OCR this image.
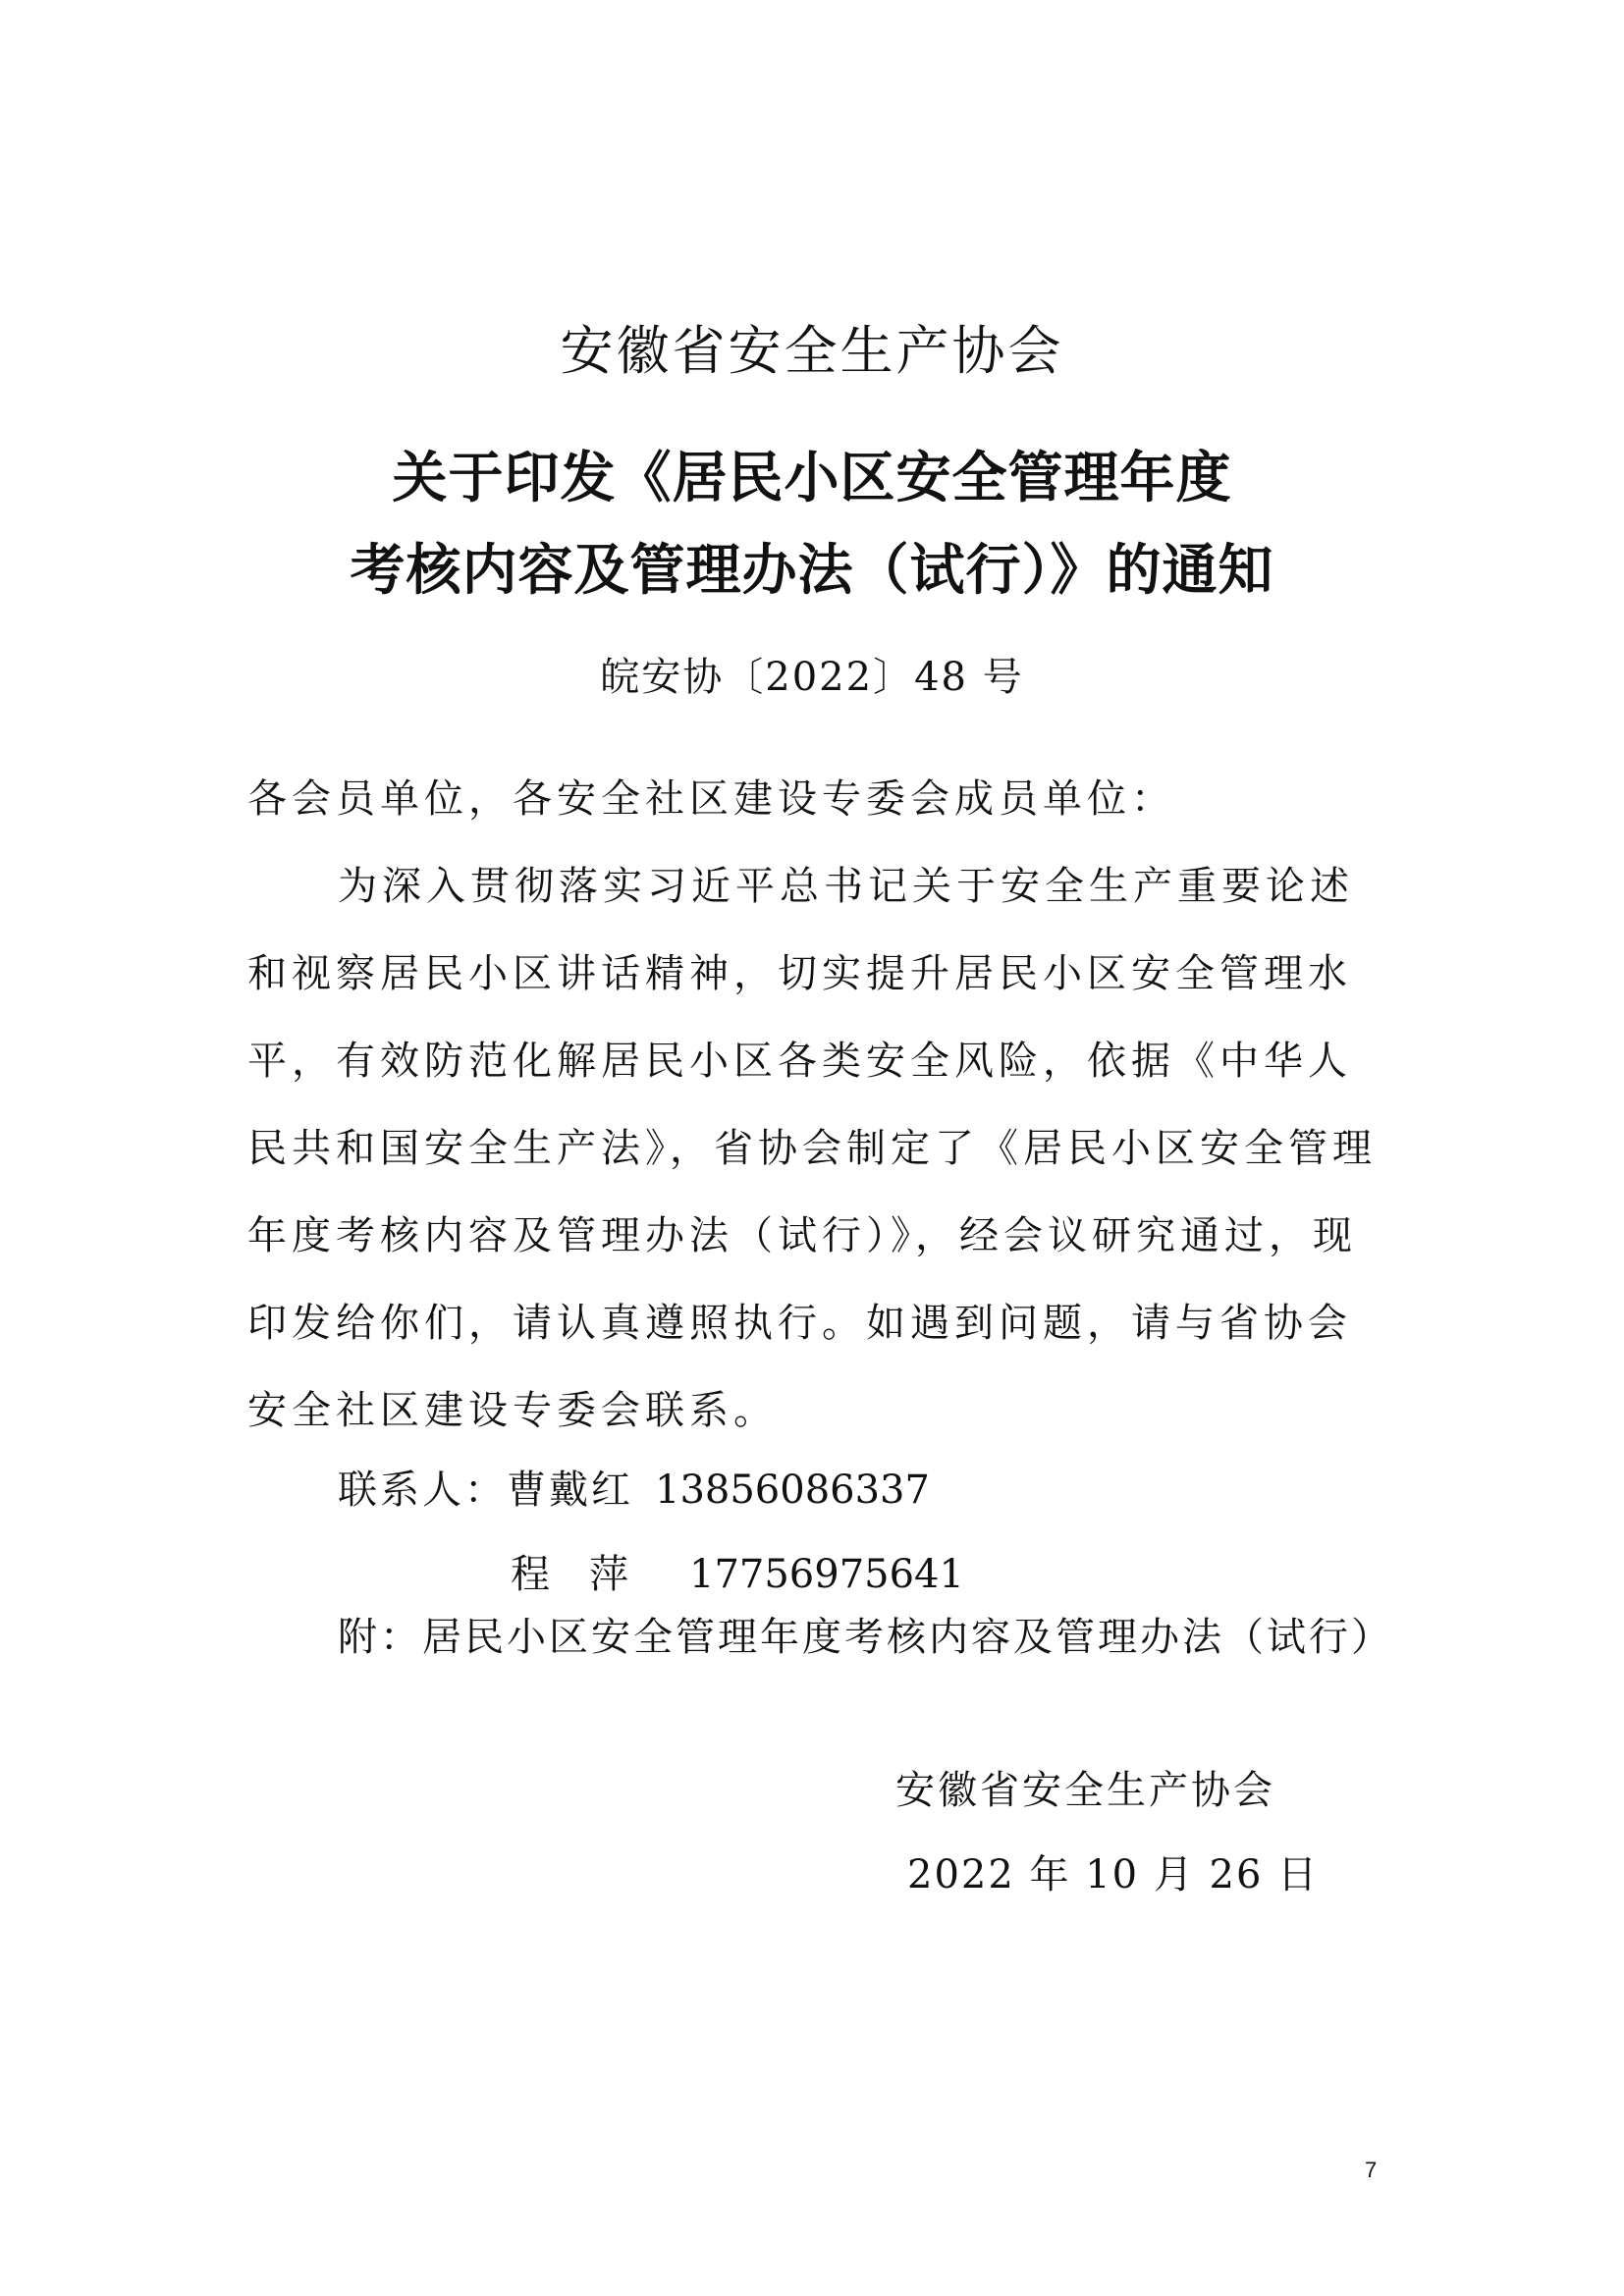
安徽省安全生产协会
关于印发《居民小区安全管理年度
考核内容及管理办法（试行）》的通知
皖安协〔2022〕48 号
各会员单位，各安全社区建设专委会成员单位：
为深入贯彻落实习近平总书记关于安全生产重要论述和视察居民小区讲话精神，切实提升居民小区安全管理水平，有效防范化解居民小区各类安全风险，依据《中华人民共和国安全生产法》，省协会制定了《居民小区安全管理年度考核内容及管理办法（试行）》，经会议研究通过，现印发给你们，请认真遵照执行。如遇到问题，请与省协会安全社区建设专委会联系。
联系人：曹戴红 13856086337
程萍 17756975641
附：居民小区安全管理年度考核内容及管理办法（试行）
安徽省安全生产协会
2022 年 10 月 26 日
7
